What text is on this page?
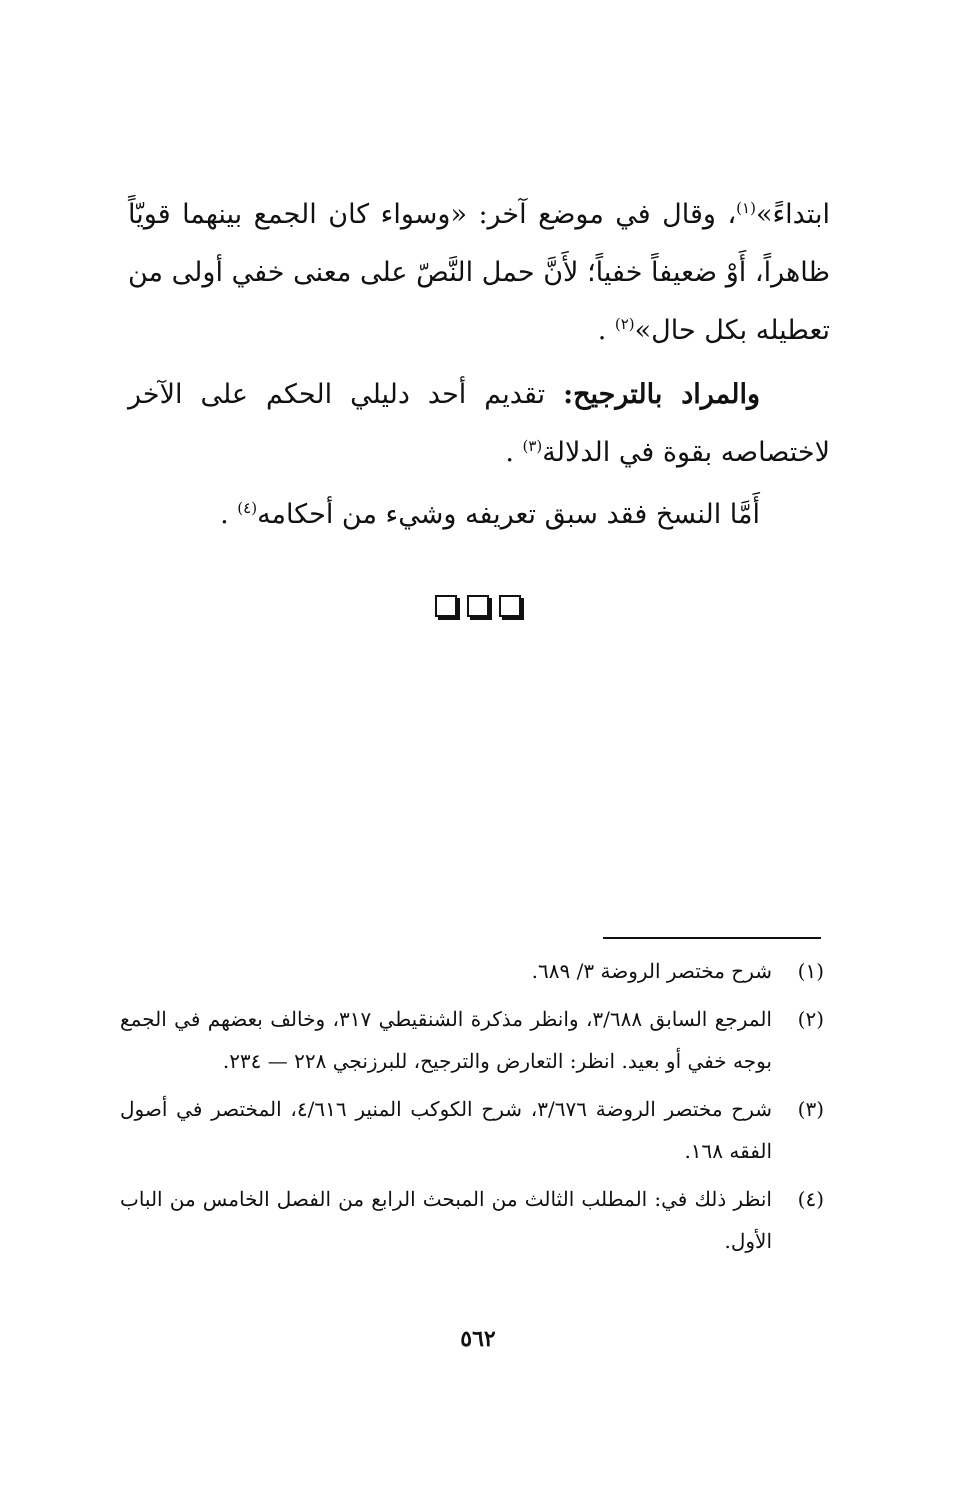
ابتداءً»$^{(١)}$، وقال في موضع آخر: «وسواء كان الجمع بينهما قويّاً ظاهراً، أَوْ ضعيفاً خفياً؛ لأَنَّ حمل النَّصّ على معنى خفي أولى من تعطيله بكل حال»$^{(٢)}$ .

والمراد بالترجيح: تقديم أحد دليلي الحكم على الآخر لاختصاصه بقوة في الدلالة$^{(٣)}$ .

أَمَّا النسخ فقد سبق تعريفه وشيء من أحكامه$^{(٤)}$ .

(١)
شرح مختصر الروضة ٣/ ٦٨٩.
(٢)
المرجع السابق ٣/٦٨٨، وانظر مذكرة الشنقيطي ٣١٧، وخالف بعضهم في الجمع بوجه خفي أو بعيد. انظر: التعارض والترجيح، للبرزنجي ٢٢٨ — ٢٣٤.
(٣)
شرح مختصر الروضة ٣/٦٧٦، شرح الكوكب المنير ٤/٦١٦، المختصر في أصول الفقه ١٦٨.
(٤)
انظر ذلك في: المطلب الثالث من المبحث الرابع من الفصل الخامس من الباب الأول.
٥٦٢
